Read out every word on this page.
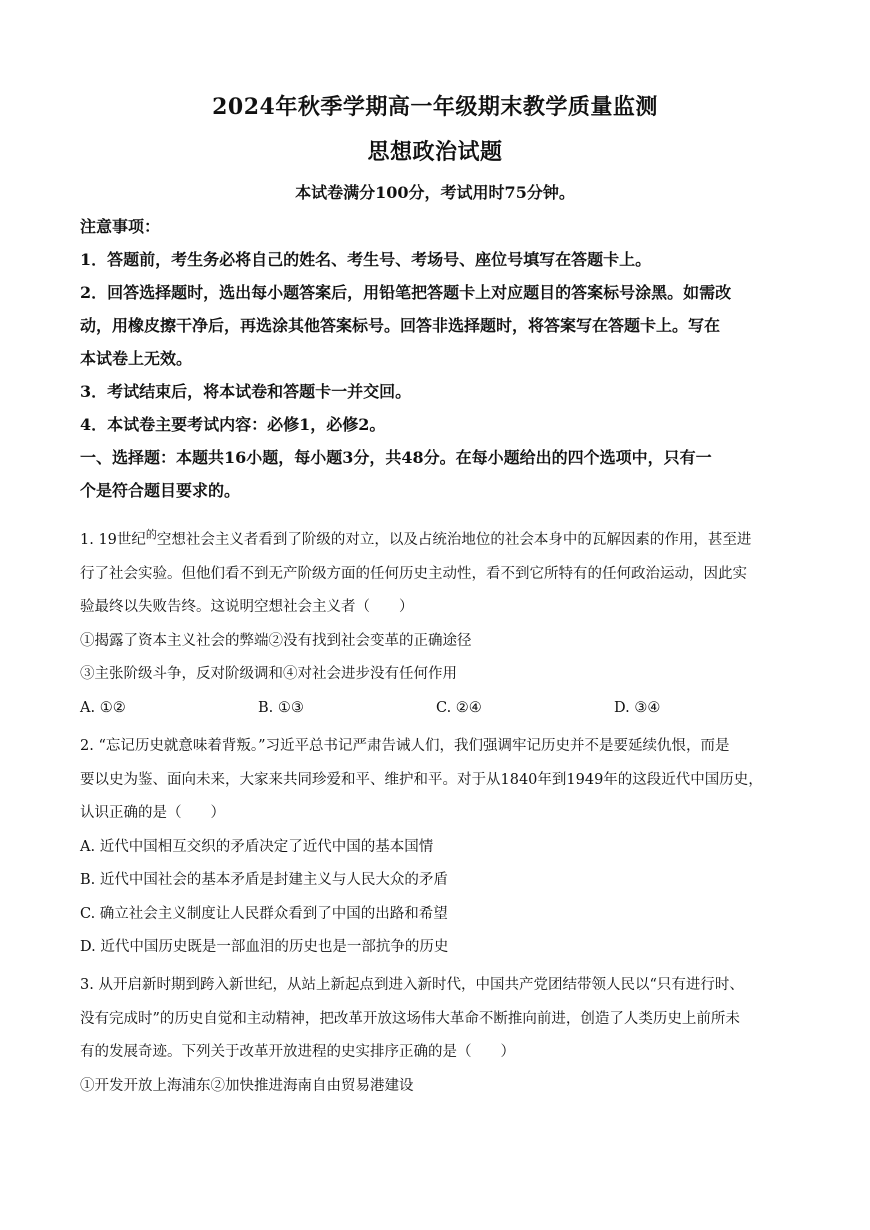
2024年秋季学期高一年级期末教学质量监测
思想政治试题
本试卷满分100分，考试用时75分钟。

注意事项：

1．答题前，考生务必将自己的姓名、考生号、考场号、座位号填写在答题卡上。

2．回答选择题时，选出每小题答案后，用铅笔把答题卡上对应题目的答案标号涂黑。如需改

动，用橡皮擦干净后，再选涂其他答案标号。回答非选择题时，将答案写在答题卡上。写在

本试卷上无效。

3．考试结束后，将本试卷和答题卡一并交回。

4．本试卷主要考试内容：必修1，必修2。

一、选择题：本题共16小题，每小题3分，共48分。在每小题给出的四个选项中，只有一

个是符合题目要求的。

1. 19世纪$^的$空想社会主义者看到了阶级的对立，以及占统治地位的社会本身中的瓦解因素的作用，甚至进

行了社会实验。但他们看不到无产阶级方面的任何历史主动性，看不到它所特有的任何政治运动，因此实

验最终以失败告终。这说明空想社会主义者（　　）

①揭露了资本主义社会的弊端②没有找到社会变革的正确途径

③主张阶级斗争，反对阶级调和④对社会进步没有任何作用

A. ①②	B. ①③	C. ②④	D. ③④

2. “忘记历史就意味着背叛。”习近平总书记严肃告诫人们，我们强调牢记历史并不是要延续仇恨，而是

要以史为鉴、面向未来，大家来共同珍爱和平、维护和平。对于从1840年到1949年的这段近代中国历史，

认识正确的是（　　）

A. 近代中国相互交织的矛盾决定了近代中国的基本国情

B. 近代中国社会的基本矛盾是封建主义与人民大众的矛盾

C. 确立社会主义制度让人民群众看到了中国的出路和希望

D. 近代中国历史既是一部血泪的历史也是一部抗争的历史

3. 从开启新时期到跨入新世纪，从站上新起点到进入新时代，中国共产党团结带领人民以“只有进行时、

没有完成时”的历史自觉和主动精神，把改革开放这场伟大革命不断推向前进，创造了人类历史上前所未

有的发展奇迹。下列关于改革开放进程的史实排序正确的是（　　）

①开发开放上海浦东②加快推进海南自由贸易港建设
